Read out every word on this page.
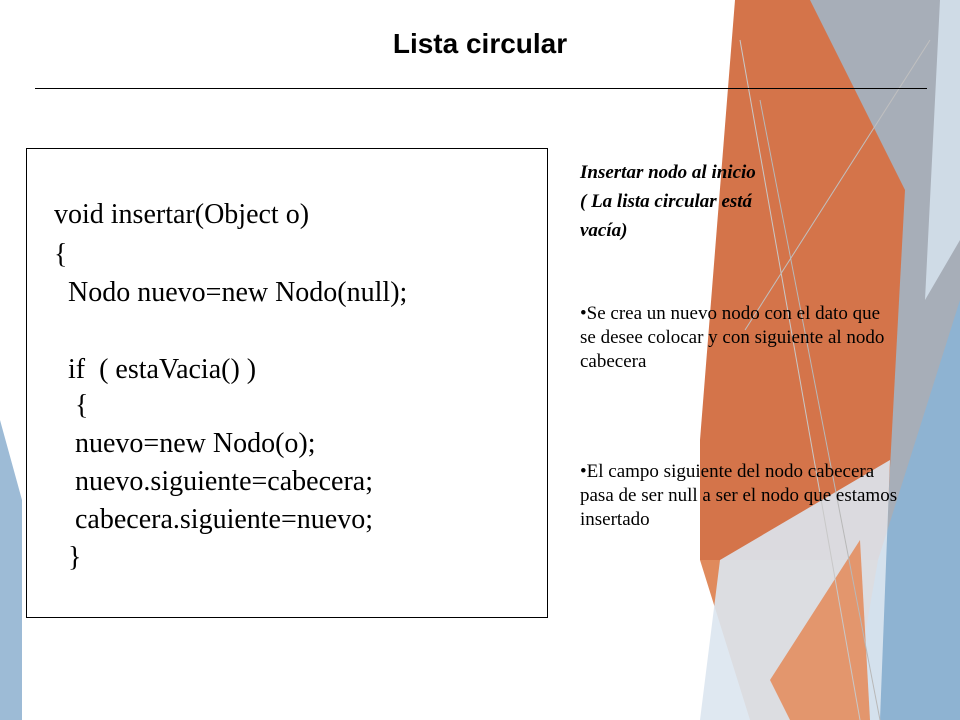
Lista circular
void insertar(Object o)
{
Nodo nuevo=new Nodo(null);
if  ( estaVacia() )
{
nuevo=new Nodo(o);
nuevo.siguiente=cabecera;
cabecera.siguiente=nuevo;
}
Insertar nodo al inicio
( La lista circular está
vacía)
•Se crea un nuevo nodo con el dato que se desee colocar y con siguiente al nodo cabecera
•El campo siguiente del nodo cabecera pasa de ser null a ser el nodo que estamos insertado
